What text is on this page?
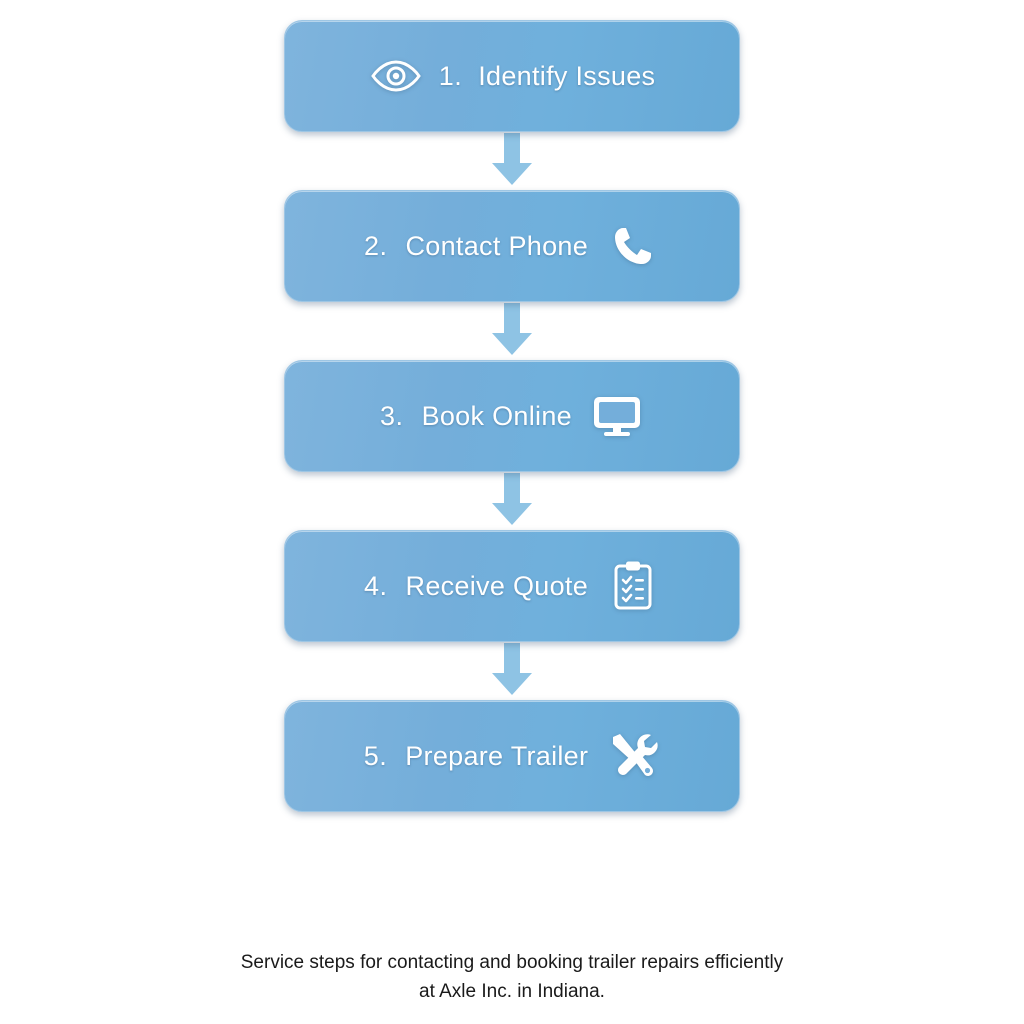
1. Identify Issues
2. Contact Phone
3. Book Online
4. Receive Quote
5. Prepare Trailer
Service steps for contacting and booking trailer repairs efficiently
at Axle Inc. in Indiana.
